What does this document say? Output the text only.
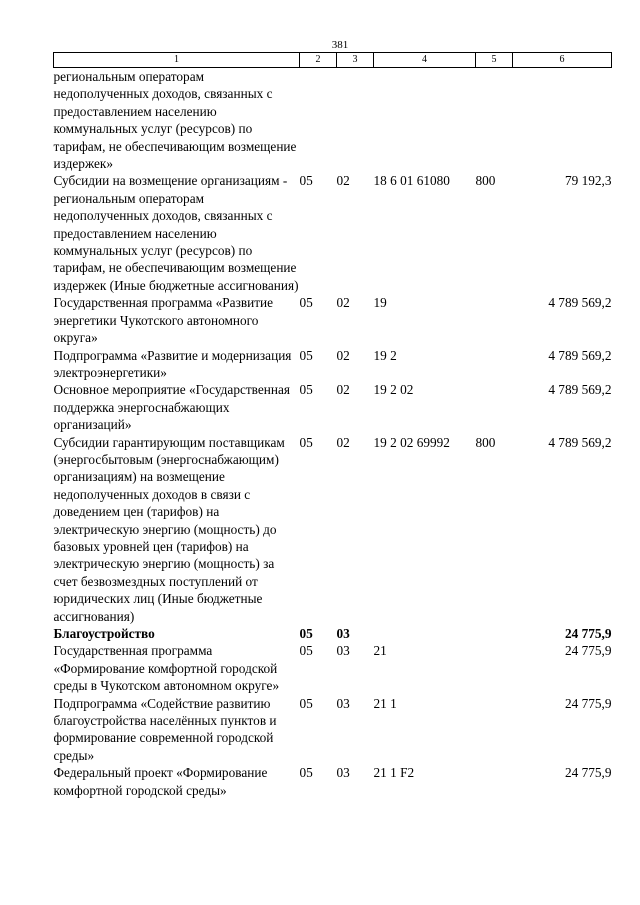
381
1	2	3	4	5	6
региональным операторам недополученных доходов, связанных с предоставлением населению коммунальных услуг (ресурсов) по тарифам, не обеспечивающим возмещение издержек»					
Субсидии на возмещение организациям - региональным операторам недополученных доходов, связанных с предоставлением населению коммунальных услуг (ресурсов) по тарифам, не обеспечивающим возмещение издержек (Иные бюджетные ассигнования)	05	02	18 6 01 61080	800	79 192,3
Государственная программа «Развитие энергетики Чукотского автономного округа»	05	02	19		4 789 569,2
Подпрограмма «Развитие и модернизация электроэнергетики»	05	02	19 2		4 789 569,2
Основное мероприятие «Государственная поддержка энергоснабжающих организаций»	05	02	19 2 02		4 789 569,2
Субсидии гарантирующим поставщикам (энергосбытовым (энергоснабжающим) организациям) на возмещение недополученных доходов в связи с доведением цен (тарифов) на электрическую энергию (мощность) до базовых уровней цен (тарифов) на электрическую энергию (мощность) за счет безвозмездных поступлений от юридических лиц (Иные бюджетные ассигнования)	05	02	19 2 02 69992	800	4 789 569,2
Благоустройство	05	03			24 775,9
Государственная программа «Формирование комфортной городской среды в Чукотском автономном округе»	05	03	21		24 775,9
Подпрограмма «Содействие развитию благоустройства населённых пунктов и формирование современной городской среды»	05	03	21 1		24 775,9
Федеральный проект «Формирование комфортной городской среды»	05	03	21 1 F2		24 775,9
